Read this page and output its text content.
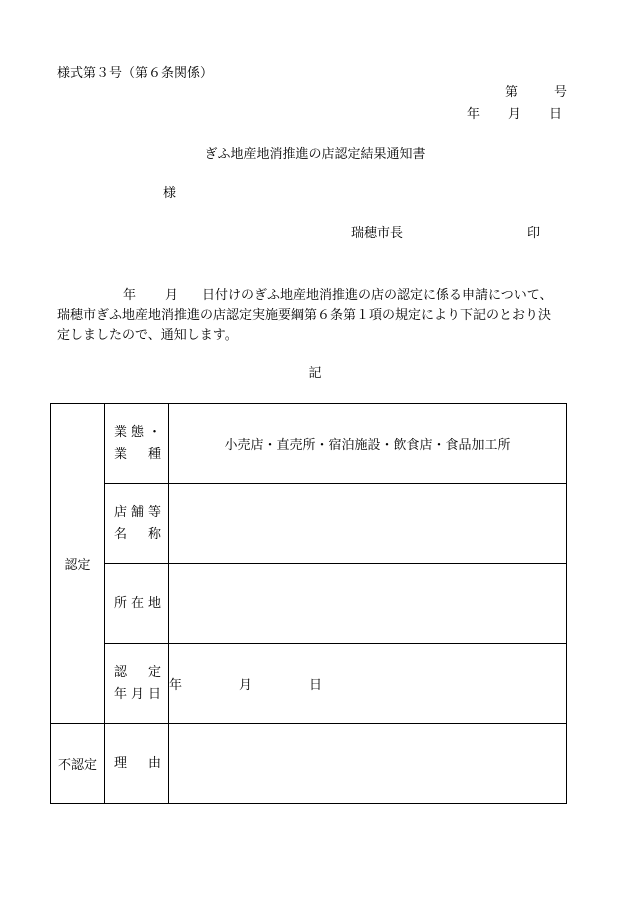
様式第３号（第６条関係）
第	号
年 月 日
ぎふ地産地消推進の店認定結果通知書
様
瑞穂市長	印
年 月 日付けのぎふ地産地消推進の店の認定に係る申請について、
瑞穂市ぎふ地産地消推進の店認定実施要綱第６条第１項の規定により下記のとおり決
定しましたので、通知します。
記
認定	業態・
業種	小売店・直売所・宿泊施設・飲食店・食品加工所

	店舗等
名称	

	所在地	

	認定
年月日	年 月 日
不認定	理由	
